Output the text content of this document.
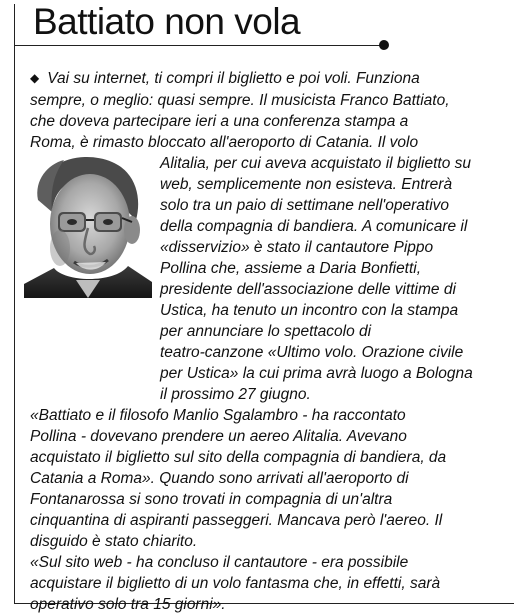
Battiato non vola
◆ Vai su internet, ti compri il biglietto e poi voli. Funziona
sempre, o meglio: quasi sempre. Il musicista Franco Battiato,
che doveva partecipare ieri a una conferenza stampa a
Roma, è rimasto bloccato all'aeroporto di Catania. Il volo
Alitalia, per cui aveva acquistato il biglietto su
web, semplicemente non esisteva. Entrerà
solo tra un paio di settimane nell'operativo
della compagnia di bandiera. A comunicare il
«disservizio» è stato il cantautore Pippo
Pollina che, assieme a Daria Bonfietti,
presidente dell'associazione delle vittime di
Ustica, ha tenuto un incontro con la stampa
per annunciare lo spettacolo di
teatro-canzone «Ultimo volo. Orazione civile
per Ustica» la cui prima avrà luogo a Bologna
il prossimo 27 giugno.
«Battiato e il filosofo Manlio Sgalambro - ha raccontato
Pollina - dovevano prendere un aereo Alitalia. Avevano
acquistato il biglietto sul sito della compagnia di bandiera, da
Catania a Roma». Quando sono arrivati all'aeroporto di
Fontanarossa si sono trovati in compagnia di un'altra
cinquantina di aspiranti passeggeri. Mancava però l'aereo. Il
disguido è stato chiarito.
«Sul sito web - ha concluso il cantautore - era possibile
acquistare il biglietto di un volo fantasma che, in effetti, sarà
operativo solo tra 15 giorni».
